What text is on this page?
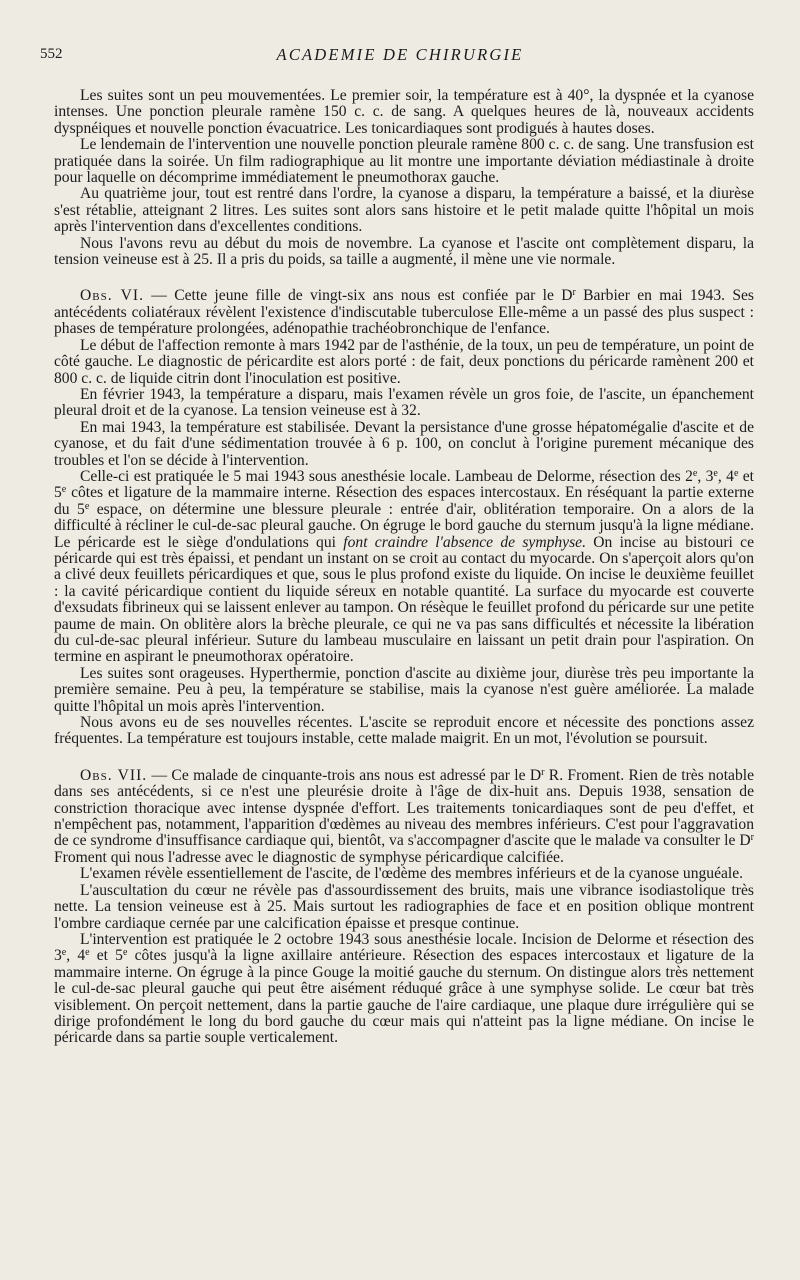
552	ACADEMIE DE CHIRURGIE

Les suites sont un peu mouvementées. Le premier soir, la température est à 40°, la dyspnée et la cyanose intenses. Une ponction pleurale ramène 150 c. c. de sang. A quelques heures de là, nouveaux accidents dyspnéiques et nouvelle ponction évacuatrice. Les tonicardiaques sont prodigués à hautes doses.

Le lendemain de l'intervention une nouvelle ponction pleurale ramène 800 c. c. de sang. Une transfusion est pratiquée dans la soirée. Un film radiographique au lit montre une importante déviation médiastinale à droite pour laquelle on décomprime immédiatement le pneumothorax gauche.

Au quatrième jour, tout est rentré dans l'ordre, la cyanose a disparu, la température a baissé, et la diurèse s'est rétablie, atteignant 2 litres. Les suites sont alors sans histoire et le petit malade quitte l'hôpital un mois après l'intervention dans d'excellentes conditions.

Nous l'avons revu au début du mois de novembre. La cyanose et l'ascite ont complètement disparu, la tension veineuse est à 25. Il a pris du poids, sa taille a augmenté, il mène une vie normale.

Obs. VI. — Cette jeune fille de vingt-six ans nous est confiée par le $D^r$ Barbier en mai 1943. Ses antécédents coliatéraux révèlent l'existence d'indiscutable tuberculose Elle-même a un passé des plus suspect : phases de température prolongées, adénopathie trachéobronchique de l'enfance.

Le début de l'affection remonte à mars 1942 par de l'asthénie, de la toux, un peu de température, un point de côté gauche. Le diagnostic de péricardite est alors porté : de fait, deux ponctions du péricarde ramènent 200 et 800 c. c. de liquide citrin dont l'inoculation est positive.

En février 1943, la température a disparu, mais l'examen révèle un gros foie, de l'ascite, un épanchement pleural droit et de la cyanose. La tension veineuse est à 32.

En mai 1943, la température est stabilisée. Devant la persistance d'une grosse hépatomégalie d'ascite et de cyanose, et du fait d'une sédimentation trouvée à 6 p. 100, on conclut à l'origine purement mécanique des troubles et l'on se décide à l'intervention.

Celle-ci est pratiquée le 5 mai 1943 sous anesthésie locale. Lambeau de Delorme, résection des 2e, 3e, 4e et 5e côtes et ligature de la mammaire interne. Résection des espaces intercostaux. En réséquant la partie externe du 5e espace, on détermine une blessure pleurale : entrée d'air, oblitération temporaire. On a alors de la difficulté à récliner le cul-de-sac pleural gauche. On égruge le bord gauche du sternum jusqu'à la ligne médiane. Le péricarde est le siège d'ondulations qui font craindre l'absence de symphyse. On incise au bistouri ce péricarde qui est très épaissi, et pendant un instant on se croit au contact du myocarde. On s'aperçoit alors qu'on a clivé deux feuillets péricardiques et que, sous le plus profond existe du liquide. On incise le deuxième feuillet : la cavité péricardique contient du liquide séreux en notable quantité. La surface du myocarde est couverte d'exsudats fibrineux qui se laissent enlever au tampon. On résèque le feuillet profond du péricarde sur une petite paume de main. On oblitère alors la brèche pleurale, ce qui ne va pas sans difficultés et nécessite la libération du cul-de-sac pleural inférieur. Suture du lambeau musculaire en laissant un petit drain pour l'aspiration. On termine en aspirant le pneumothorax opératoire.

Les suites sont orageuses. Hyperthermie, ponction d'ascite au dixième jour, diurèse très peu importante la première semaine. Peu à peu, la température se stabilise, mais la cyanose n'est guère améliorée. La malade quitte l'hôpital un mois après l'intervention.

Nous avons eu de ses nouvelles récentes. L'ascite se reproduit encore et nécessite des ponctions assez fréquentes. La température est toujours instable, cette malade maigrit. En un mot, l'évolution se poursuit.

Obs. VII. — Ce malade de cinquante-trois ans nous est adressé par le $D^r$ R. Froment. Rien de très notable dans ses antécédents, si ce n'est une pleurésie droite à l'âge de dix-huit ans. Depuis 1938, sensation de constriction thoracique avec intense dyspnée d'effort. Les traitements tonicardiaques sont de peu d'effet, et n'empêchent pas, notamment, l'apparition d'œdèmes au niveau des membres inférieurs. C'est pour l'aggravation de ce syndrome d'insuffisance cardiaque qui, bientôt, va s'accompagner d'ascite que le malade va consulter le $D^r$ Froment qui nous l'adresse avec le diagnostic de symphyse péricardique calcifiée.

L'examen révèle essentiellement de l'ascite, de l'œdème des membres inférieurs et de la cyanose unguéale.

L'auscultation du cœur ne révèle pas d'assourdissement des bruits, mais une vibrance isodiastolique très nette. La tension veineuse est à 25. Mais surtout les radiographies de face et en position oblique montrent l'ombre cardiaque cernée par une calcification épaisse et presque continue.

L'intervention est pratiquée le 2 octobre 1943 sous anesthésie locale. Incision de Delorme et résection des 3e, 4e et 5e côtes jusqu'à la ligne axillaire antérieure. Résection des espaces intercostaux et ligature de la mammaire interne. On égruge à la pince Gouge la moitié gauche du sternum. On distingue alors très nettement le cul-de-sac pleural gauche qui peut être aisément réduqué grâce à une symphyse solide. Le cœur bat très visiblement. On perçoit nettement, dans la partie gauche de l'aire cardiaque, une plaque dure irrégulière qui se dirige profondément le long du bord gauche du cœur mais qui n'atteint pas la ligne médiane. On incise le péricarde dans sa partie souple verticalement.
